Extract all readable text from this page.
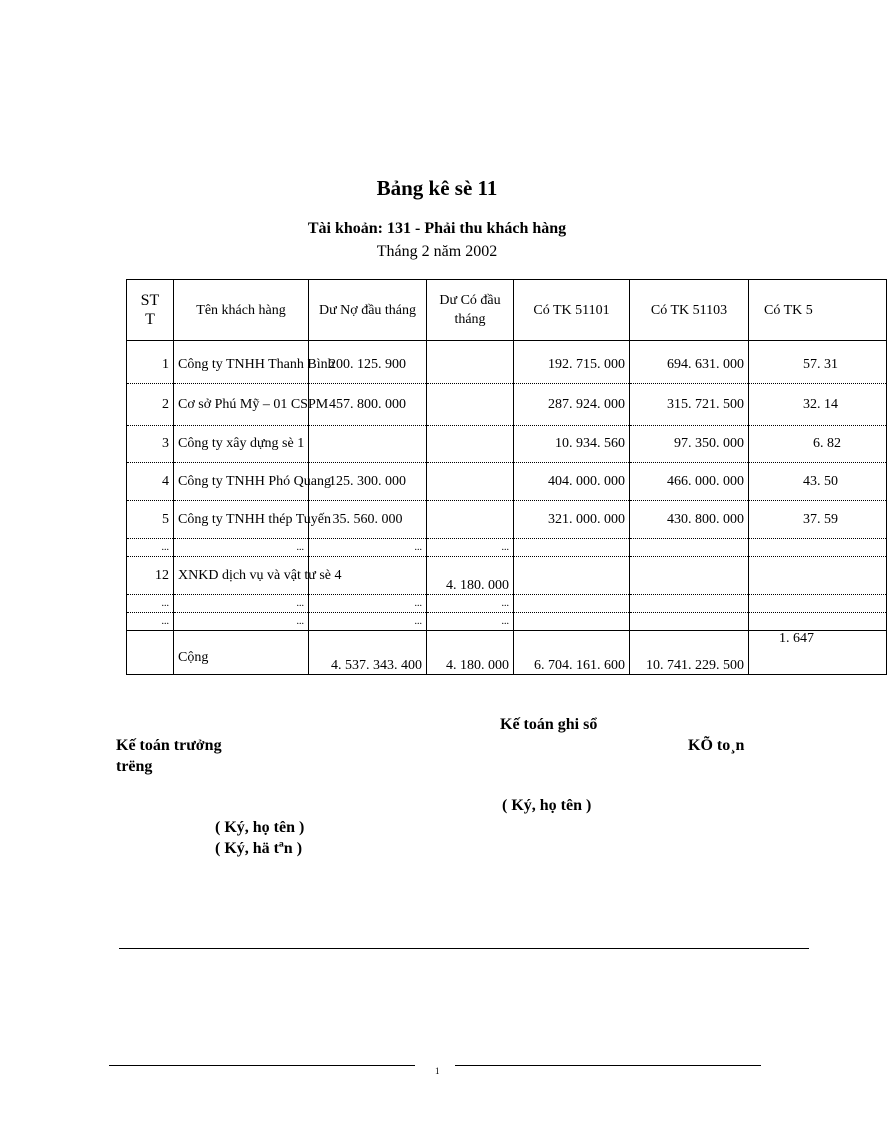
Bảng kê sè 11
Tài khoản: 131 - Phải thu khách hàng
Tháng 2 năm 2002
ST T	Tên khách hàng	Dư Nợ đầu tháng	Dư Có đầu tháng	Có TK 51101	Có TK 51103	Có TK 5
1	Công ty TNHH Thanh Bình	200. 125. 900		192. 715. 000	694. 631. 000	57. 31
2	Cơ sở Phú Mỹ – 01 CSPM	457. 800. 000		287. 924. 000	315. 721. 500	32. 14
3	Công ty xây dựng sè 1			10. 934. 560	97. 350. 000	6. 82
4	Công ty TNHH Phó Quang	125. 300. 000		404. 000. 000	466. 000. 000	43. 50
5	Công ty TNHH thép Tuyến	35. 560. 000		321. 000. 000	430. 800. 000	37. 59
...	...	...	...			
12	XNKD dịch vụ và vật tư sè 4		4. 180. 000			
...	...	...	...			
...	...	...	...			
	Cộng	4. 537. 343. 400	4. 180. 000	6. 704. 161. 600	10. 741. 229. 500	1. 647
Kế toán ghi sổ
Kế toán trưởng	KÕ to¸n
trëng
( Ký, họ tên )
( Ký, họ tên )
( Ký, hä tªn )
1
